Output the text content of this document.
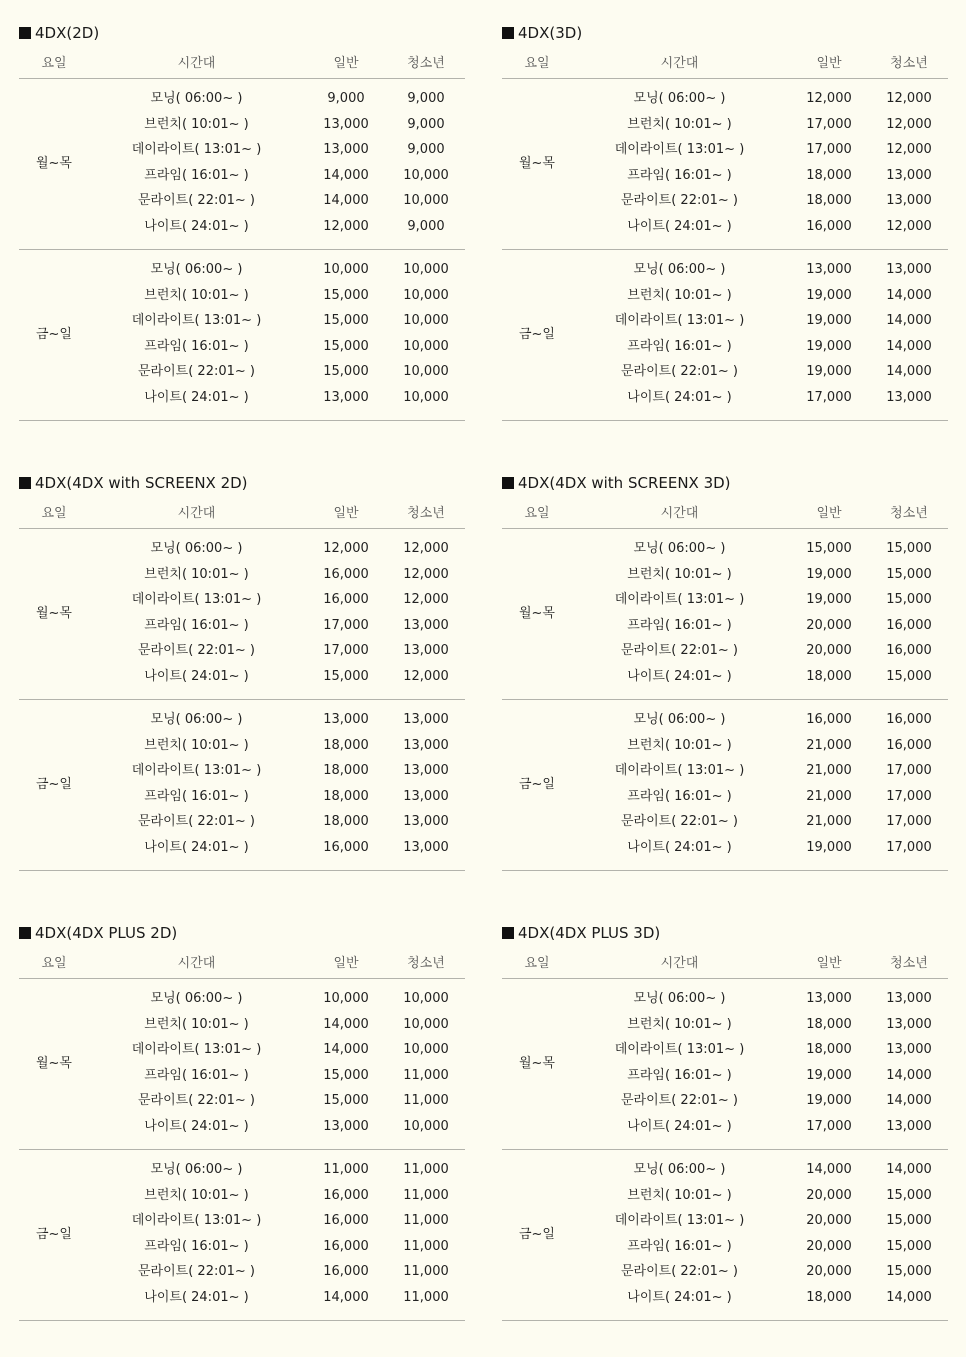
4DX(2D)
요일	시간대	일반	청소년
월~목
모닝( 06:00~ )	9,000	9,000
브런치( 10:01~ )	13,000	9,000
데이라이트( 13:01~ )	13,000	9,000
프라임( 16:01~ )	14,000	10,000
문라이트( 22:01~ )	14,000	10,000
나이트( 24:01~ )	12,000	9,000
금~일
모닝( 06:00~ )	10,000	10,000
브런치( 10:01~ )	15,000	10,000
데이라이트( 13:01~ )	15,000	10,000
프라임( 16:01~ )	15,000	10,000
문라이트( 22:01~ )	15,000	10,000
나이트( 24:01~ )	13,000	10,000
4DX(3D)
요일	시간대	일반	청소년
월~목
모닝( 06:00~ )	12,000	12,000
브런치( 10:01~ )	17,000	12,000
데이라이트( 13:01~ )	17,000	12,000
프라임( 16:01~ )	18,000	13,000
문라이트( 22:01~ )	18,000	13,000
나이트( 24:01~ )	16,000	12,000
금~일
모닝( 06:00~ )	13,000	13,000
브런치( 10:01~ )	19,000	14,000
데이라이트( 13:01~ )	19,000	14,000
프라임( 16:01~ )	19,000	14,000
문라이트( 22:01~ )	19,000	14,000
나이트( 24:01~ )	17,000	13,000
4DX(4DX with SCREENX 2D)
요일	시간대	일반	청소년
월~목
모닝( 06:00~ )	12,000	12,000
브런치( 10:01~ )	16,000	12,000
데이라이트( 13:01~ )	16,000	12,000
프라임( 16:01~ )	17,000	13,000
문라이트( 22:01~ )	17,000	13,000
나이트( 24:01~ )	15,000	12,000
금~일
모닝( 06:00~ )	13,000	13,000
브런치( 10:01~ )	18,000	13,000
데이라이트( 13:01~ )	18,000	13,000
프라임( 16:01~ )	18,000	13,000
문라이트( 22:01~ )	18,000	13,000
나이트( 24:01~ )	16,000	13,000
4DX(4DX with SCREENX 3D)
요일	시간대	일반	청소년
월~목
모닝( 06:00~ )	15,000	15,000
브런치( 10:01~ )	19,000	15,000
데이라이트( 13:01~ )	19,000	15,000
프라임( 16:01~ )	20,000	16,000
문라이트( 22:01~ )	20,000	16,000
나이트( 24:01~ )	18,000	15,000
금~일
모닝( 06:00~ )	16,000	16,000
브런치( 10:01~ )	21,000	16,000
데이라이트( 13:01~ )	21,000	17,000
프라임( 16:01~ )	21,000	17,000
문라이트( 22:01~ )	21,000	17,000
나이트( 24:01~ )	19,000	17,000
4DX(4DX PLUS 2D)
요일	시간대	일반	청소년
월~목
모닝( 06:00~ )	10,000	10,000
브런치( 10:01~ )	14,000	10,000
데이라이트( 13:01~ )	14,000	10,000
프라임( 16:01~ )	15,000	11,000
문라이트( 22:01~ )	15,000	11,000
나이트( 24:01~ )	13,000	10,000
금~일
모닝( 06:00~ )	11,000	11,000
브런치( 10:01~ )	16,000	11,000
데이라이트( 13:01~ )	16,000	11,000
프라임( 16:01~ )	16,000	11,000
문라이트( 22:01~ )	16,000	11,000
나이트( 24:01~ )	14,000	11,000
4DX(4DX PLUS 3D)
요일	시간대	일반	청소년
월~목
모닝( 06:00~ )	13,000	13,000
브런치( 10:01~ )	18,000	13,000
데이라이트( 13:01~ )	18,000	13,000
프라임( 16:01~ )	19,000	14,000
문라이트( 22:01~ )	19,000	14,000
나이트( 24:01~ )	17,000	13,000
금~일
모닝( 06:00~ )	14,000	14,000
브런치( 10:01~ )	20,000	15,000
데이라이트( 13:01~ )	20,000	15,000
프라임( 16:01~ )	20,000	15,000
문라이트( 22:01~ )	20,000	15,000
나이트( 24:01~ )	18,000	14,000
